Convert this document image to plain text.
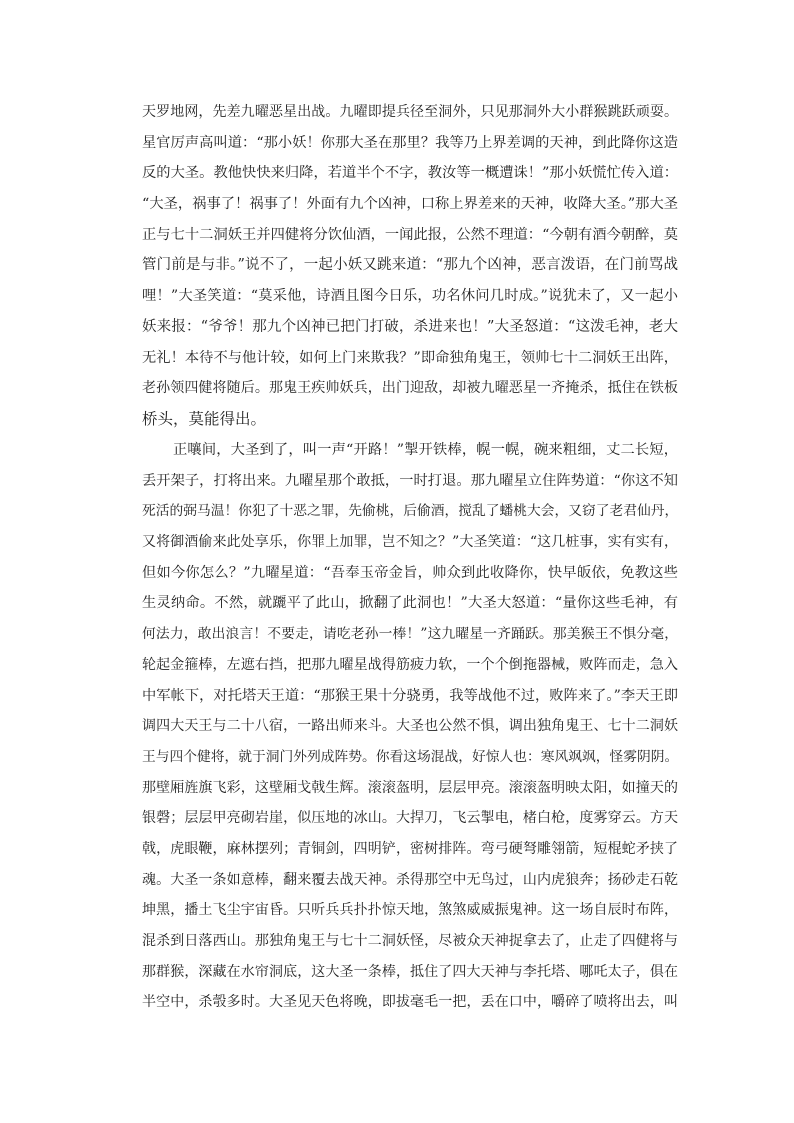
天罗地网，先差九曜恶星出战。九曜即提兵径至洞外，只见那洞外大小群猴跳跃顽耍。
星官厉声高叫道：“那小妖！你那大圣在那里？我等乃上界差调的天神，到此降你这造
反的大圣。教他快快来归降，若道半个不字，教汝等一概遭诛！”那小妖慌忙传入道：
“大圣，祸事了！祸事了！外面有九个凶神，口称上界差来的天神，收降大圣。”那大圣
正与七十二洞妖王并四健将分饮仙酒，一闻此报，公然不理道：“今朝有酒今朝醉，莫
管门前是与非。”说不了，一起小妖又跳来道：“那九个凶神，恶言泼语，在门前骂战
哩！”大圣笑道：“莫采他，诗酒且图今日乐，功名休问几时成。”说犹未了，又一起小
妖来报：“爷爷！那九个凶神已把门打破，杀进来也！”大圣怒道：“这泼毛神，老大
无礼！本待不与他计较，如何上门来欺我？”即命独角鬼王，领帅七十二洞妖王出阵，
老孙领四健将随后。那鬼王疾帅妖兵，出门迎敌，却被九曜恶星一齐掩杀，抵住在铁板
桥头，莫能得出。
正嚷间，大圣到了，叫一声“开路！”掣开铁棒，幌一幌，碗来粗细，丈二长短，
丢开架子，打将出来。九曜星那个敢抵，一时打退。那九曜星立住阵势道：“你这不知
死活的弼马温！你犯了十恶之罪，先偷桃，后偷酒，搅乱了蟠桃大会，又窃了老君仙丹，
又将御酒偷来此处享乐，你罪上加罪，岂不知之？”大圣笑道：“这几桩事，实有实有，
但如今你怎么？”九曜星道：“吾奉玉帝金旨，帅众到此收降你，快早皈依，免教这些
生灵纳命。不然，就躧平了此山，掀翻了此洞也！”大圣大怒道：“量你这些毛神，有
何法力，敢出浪言！不要走，请吃老孙一棒！”这九曜星一齐踊跃。那美猴王不惧分毫，
轮起金箍棒，左遮右挡，把那九曜星战得筋疲力软，一个个倒拖器械，败阵而走，急入
中军帐下，对托塔天王道：“那猴王果十分骁勇，我等战他不过，败阵来了。”李天王即
调四大天王与二十八宿，一路出师来斗。大圣也公然不惧，调出独角鬼王、七十二洞妖
王与四个健将，就于洞门外列成阵势。你看这场混战，好惊人也：寒风飒飒，怪雾阴阴。
那壁厢旌旗飞彩，这壁厢戈戟生辉。滚滚盔明，层层甲亮。滚滚盔明映太阳，如撞天的
银磬；层层甲亮砌岩崖，似压地的冰山。大捍刀，飞云掣电，楮白枪，度雾穿云。方天
戟，虎眼鞭，麻林摆列；青铜剑，四明铲，密树排阵。弯弓硬弩雕翎箭，短棍蛇矛挟了
魂。大圣一条如意棒，翻来覆去战天神。杀得那空中无鸟过，山内虎狼奔；扬砂走石乾
坤黑，播土飞尘宇宙昏。只听兵兵扑扑惊天地，煞煞威威振鬼神。这一场自辰时布阵，
混杀到日落西山。那独角鬼王与七十二洞妖怪，尽被众天神捉拿去了，止走了四健将与
那群猴，深藏在水帘洞底，这大圣一条棒，抵住了四大天神与李托塔、哪吒太子，俱在
半空中，杀彀多时。大圣见天色将晚，即拔毫毛一把，丢在口中，嚼碎了喷将出去，叫
